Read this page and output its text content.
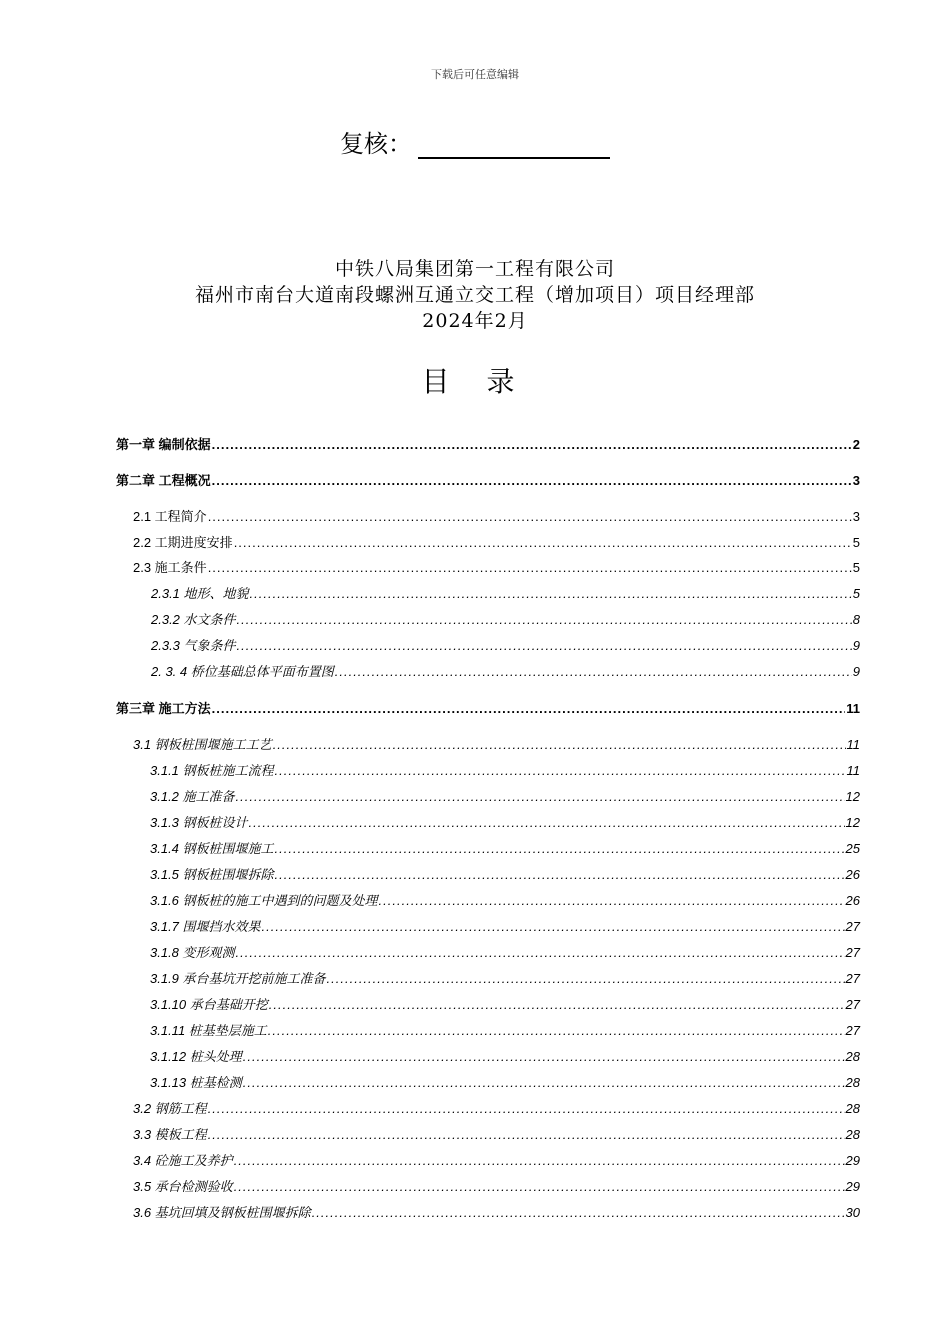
下载后可任意编辑
复核：
中铁八局集团第一工程有限公司
福州市南台大道南段螺洲互通立交工程（增加项目）项目经理部
2024年2月
目 录
第一章 编制依据 .....	2
第二章 工程概况 .....	3
2.1 工程简介 .....	3
2.2 工期进度安排 .....	5
2.3 施工条件 .....	5
2.3.1 地形、地貌 .....	5
2.3.2 水文条件 .....	8
2.3.3 气象条件 .....	9
2. 3. 4 桥位基础总体平面布置图 .....	9
第三章 施工方法 .....	11
3.1 钢板桩围堰施工工艺 .....	11
3.1.1 钢板桩施工流程 .....	11
3.1.2 施工准备 .....	12
3.1.3 钢板桩设计 .....	12
3.1.4 钢板桩围堰施工 .....	25
3.1.5 钢板桩围堰拆除 .....	26
3.1.6 钢板桩的施工中遇到的问题及处理 .....	26
3.1.7 围堰挡水效果 .....	27
3.1.8 变形观测 .....	27
3.1.9 承台基坑开挖前施工准备 .....	27
3.1.10 承台基础开挖 .....	27
3.1.11 桩基垫层施工 .....	27
3.1.12 桩头处理 .....	28
3.1.13 桩基检测 .....	28
3.2 钢筋工程 .....	28
3.3 模板工程 .....	28
3.4 砼施工及养护 .....	29
3.5 承台检测验收 .....	29
3.6 基坑回填及钢板桩围堰拆除 .....	30
